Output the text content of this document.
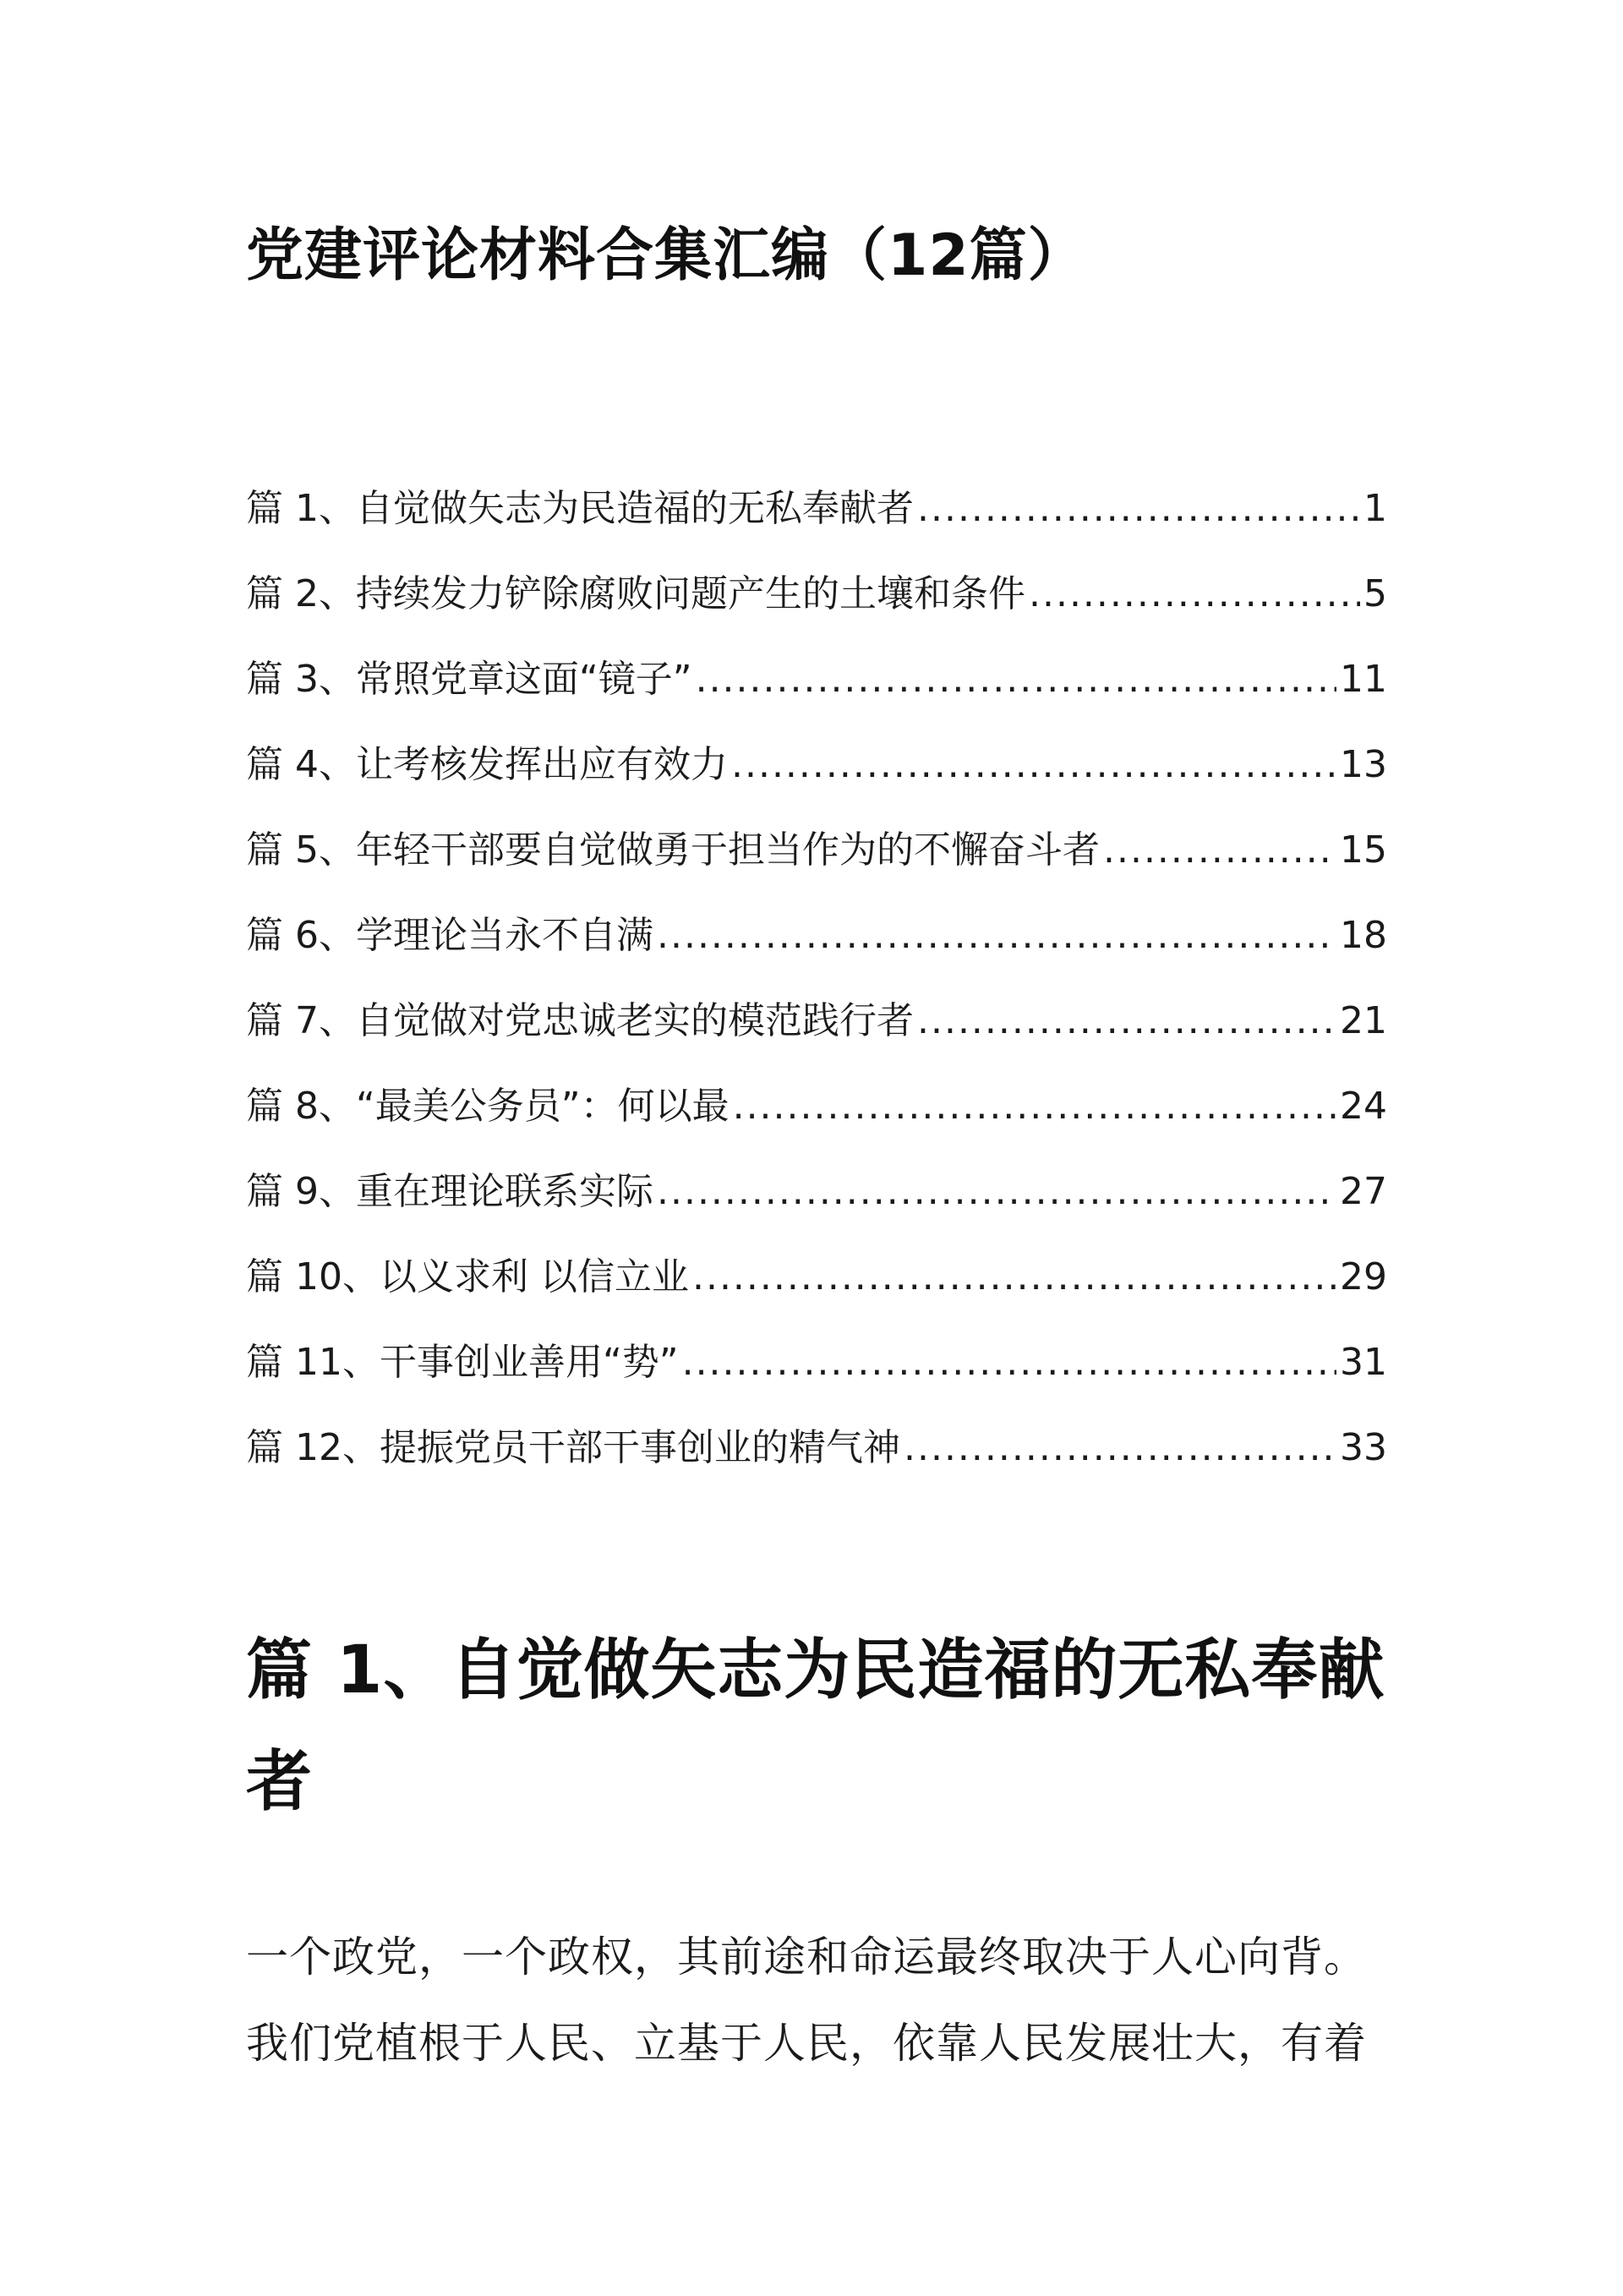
党建评论材料合集汇编（12篇）
篇 1、自觉做矢志为民造福的无私奉献者 .....	1
篇 2、持续发力铲除腐败问题产生的土壤和条件 .....	5
篇 3、常照党章这面“镜子” .....	11
篇 4、让考核发挥出应有效力 .....	13
篇 5、年轻干部要自觉做勇于担当作为的不懈奋斗者 .....	15
篇 6、学理论当永不自满 .....	18
篇 7、自觉做对党忠诚老实的模范践行者 .....	21
篇 8、“最美公务员”：何以最 .....	24
篇 9、重在理论联系实际 .....	27
篇 10、以义求利 以信立业 .....	29
篇 11、干事创业善用“势” .....	31
篇 12、提振党员干部干事创业的精气神 .....	33
篇 1、自觉做矢志为民造福的无私奉献
者

一个政党，一个政权，其前途和命运最终取决于人心向背。
我们党植根于人民、立基于人民，依靠人民发展壮大，有着
